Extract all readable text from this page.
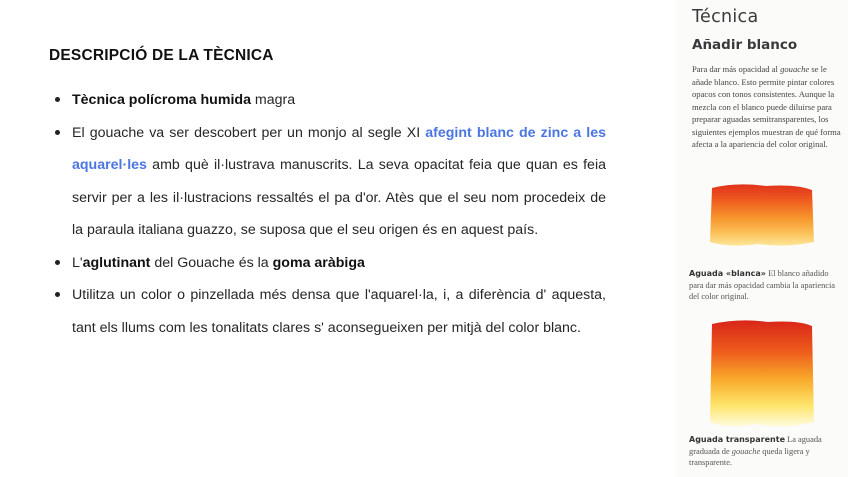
DESCRIPCIÓ DE LA TÈCNICA
Tècnica polícroma humida magra
El gouache va ser descobert per un monjo al segle XI afegint blanc de zinc a les aquarel·les amb què il·lustrava manuscrits. La seva opacitat feia que quan es feia servir per a les il·lustracions ressaltés el pa d'or. Atès que el seu nom procedeix de la paraula italiana guazzo, se suposa que el seu origen és en aquest país.
L'aglutinant del Gouache és la goma aràbiga
Utilitza un color o pinzellada més densa que l'aquarel·la, i, a diferència d' aquesta, tant els llums com les tonalitats clares s' aconsegueixen per mitjà del color blanc.
Técnica
Añadir blanco

Para dar más opacidad al gouache se le añade blanco. Esto permite pintar colores opacos con tonos consistentes. Aunque la mezcla con el blanco puede diluirse para preparar aguadas semitransparentes, los siguientes ejemplos muestran de qué forma afecta a la apariencia del color original.

Aguada «blanca» El blanco añadido para dar más opacidad cambia la apariencia del color original.

Aguada transparente La aguada graduada de gouache queda ligera y transparente.
